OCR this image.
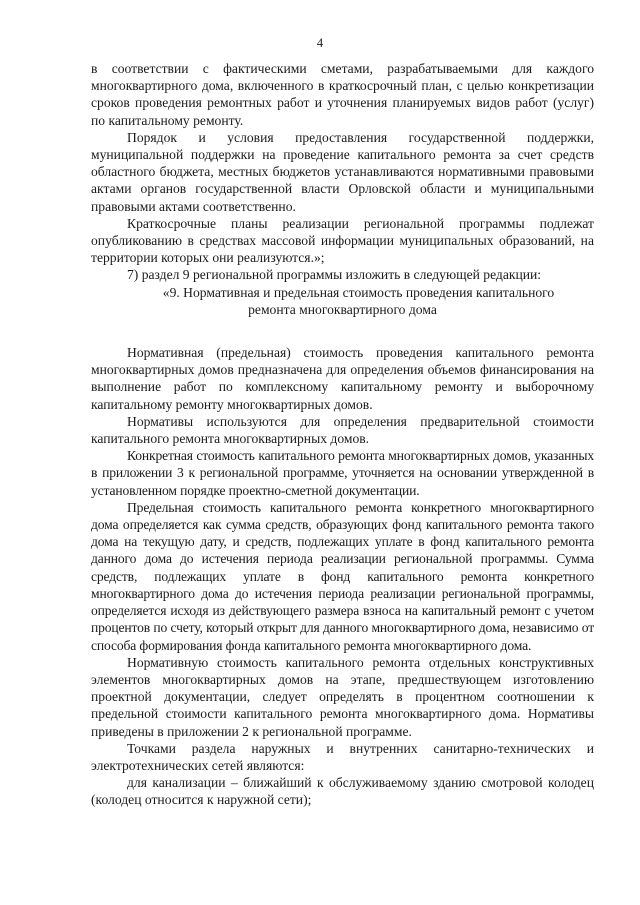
4

в соответствии с фактическими сметами, разрабатываемыми для каждого многоквартирного дома, включенного в краткосрочный план, с целью конкретизации сроков проведения ремонтных работ и уточнения планируемых видов работ (услуг) по капитальному ремонту.

Порядок и условия предоставления государственной поддержки, муниципальной поддержки на проведение капитального ремонта за счет средств областного бюджета, местных бюджетов устанавливаются нормативными правовыми актами органов государственной власти Орловской области и муниципальными правовыми актами соответственно.

Краткосрочные планы реализации региональной программы подлежат опубликованию в средствах массовой информации муниципальных образований, на территории которых они реализуются.»;

7) раздел 9 региональной программы изложить в следующей редакции:

«9. Нормативная и предельная стоимость проведения капитального
ремонта многоквартирного дома

Нормативная (предельная) стоимость проведения капитального ремонта многоквартирных домов предназначена для определения объемов финансирования на выполнение работ по комплексному капитальному ремонту и выборочному капитальному ремонту многоквартирных домов.

Нормативы используются для определения предварительной стоимости капитального ремонта многоквартирных домов.

Конкретная стоимость капитального ремонта многоквартирных домов, указанных в приложении 3 к региональной программе, уточняется на основании утвержденной в установленном порядке проектно-сметной документации.

Предельная стоимость капитального ремонта конкретного многоквартирного дома определяется как сумма средств, образующих фонд капитального ремонта такого дома на текущую дату, и средств, подлежащих уплате в фонд капитального ремонта данного дома до истечения периода реализации региональной программы. Сумма средств, подлежащих уплате в фонд капитального ремонта конкретного многоквартирного дома до истечения периода реализации региональной программы, определяется исходя из действующего размера взноса на капитальный ремонт с учетом процентов по счету, который открыт для данного многоквартирного дома, независимо от способа формирования фонда капитального ремонта многоквартирного дома.

Нормативную стоимость капитального ремонта отдельных конструктивных элементов многоквартирных домов на этапе, предшествующем изготовлению проектной документации, следует определять в процентном соотношении к предельной стоимости капитального ремонта многоквартирного дома. Нормативы приведены в приложении 2 к региональной программе.

Точками раздела наружных и внутренних санитарно-технических и электротехнических сетей являются:

для канализации – ближайший к обслуживаемому зданию смотровой колодец (колодец относится к наружной сети);
